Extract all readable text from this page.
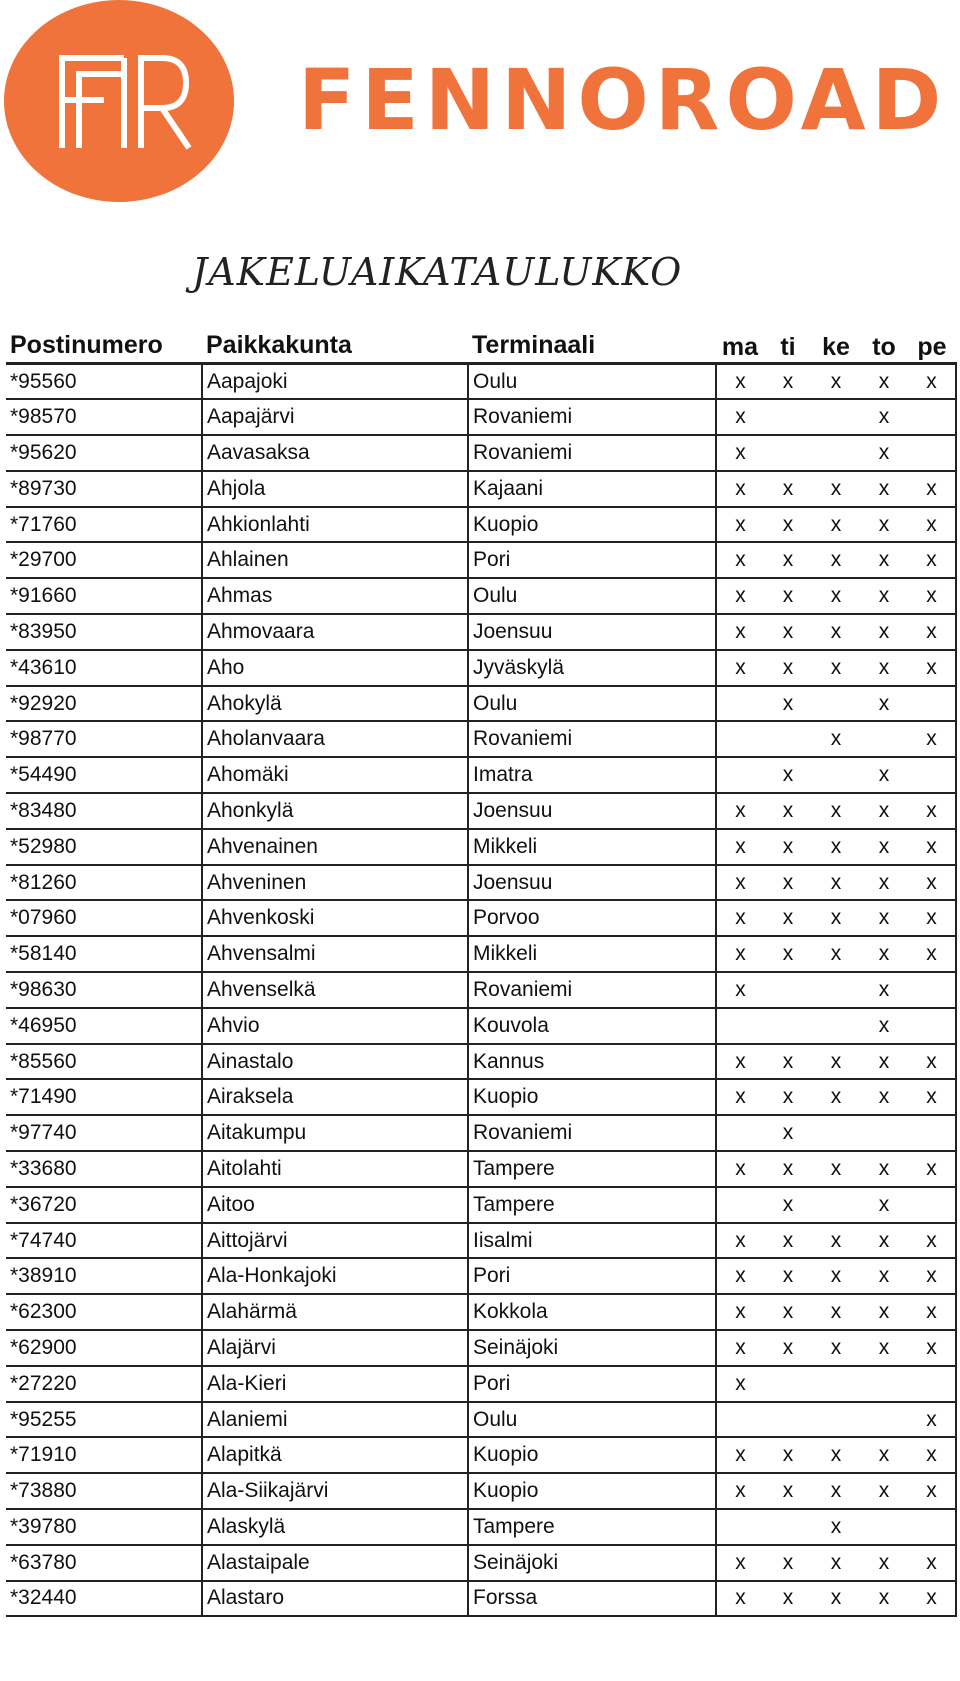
FENNOROAD
JAKELUAIKATAULUKKO
Postinumero	Paikkakunta	Terminaali	ma	ti	ke	to	pe
*95560	Aapajoki	Oulu	x	x	x	x	x
*98570	Aapajärvi	Rovaniemi	x			x	
*95620	Aavasaksa	Rovaniemi	x			x	
*89730	Ahjola	Kajaani	x	x	x	x	x
*71760	Ahkionlahti	Kuopio	x	x	x	x	x
*29700	Ahlainen	Pori	x	x	x	x	x
*91660	Ahmas	Oulu	x	x	x	x	x
*83950	Ahmovaara	Joensuu	x	x	x	x	x
*43610	Aho	Jyväskylä	x	x	x	x	x
*92920	Ahokylä	Oulu		x		x	
*98770	Aholanvaara	Rovaniemi			x		x
*54490	Ahomäki	Imatra		x		x	
*83480	Ahonkylä	Joensuu	x	x	x	x	x
*52980	Ahvenainen	Mikkeli	x	x	x	x	x
*81260	Ahveninen	Joensuu	x	x	x	x	x
*07960	Ahvenkoski	Porvoo	x	x	x	x	x
*58140	Ahvensalmi	Mikkeli	x	x	x	x	x
*98630	Ahvenselkä	Rovaniemi	x			x	
*46950	Ahvio	Kouvola				x	
*85560	Ainastalo	Kannus	x	x	x	x	x
*71490	Airaksela	Kuopio	x	x	x	x	x
*97740	Aitakumpu	Rovaniemi		x			
*33680	Aitolahti	Tampere	x	x	x	x	x
*36720	Aitoo	Tampere		x		x	
*74740	Aittojärvi	Iisalmi	x	x	x	x	x
*38910	Ala-Honkajoki	Pori	x	x	x	x	x
*62300	Alahärmä	Kokkola	x	x	x	x	x
*62900	Alajärvi	Seinäjoki	x	x	x	x	x
*27220	Ala-Kieri	Pori	x				
*95255	Alaniemi	Oulu					x
*71910	Alapitkä	Kuopio	x	x	x	x	x
*73880	Ala-Siikajärvi	Kuopio	x	x	x	x	x
*39780	Alaskylä	Tampere			x		
*63780	Alastaipale	Seinäjoki	x	x	x	x	x
*32440	Alastaro	Forssa	x	x	x	x	x
